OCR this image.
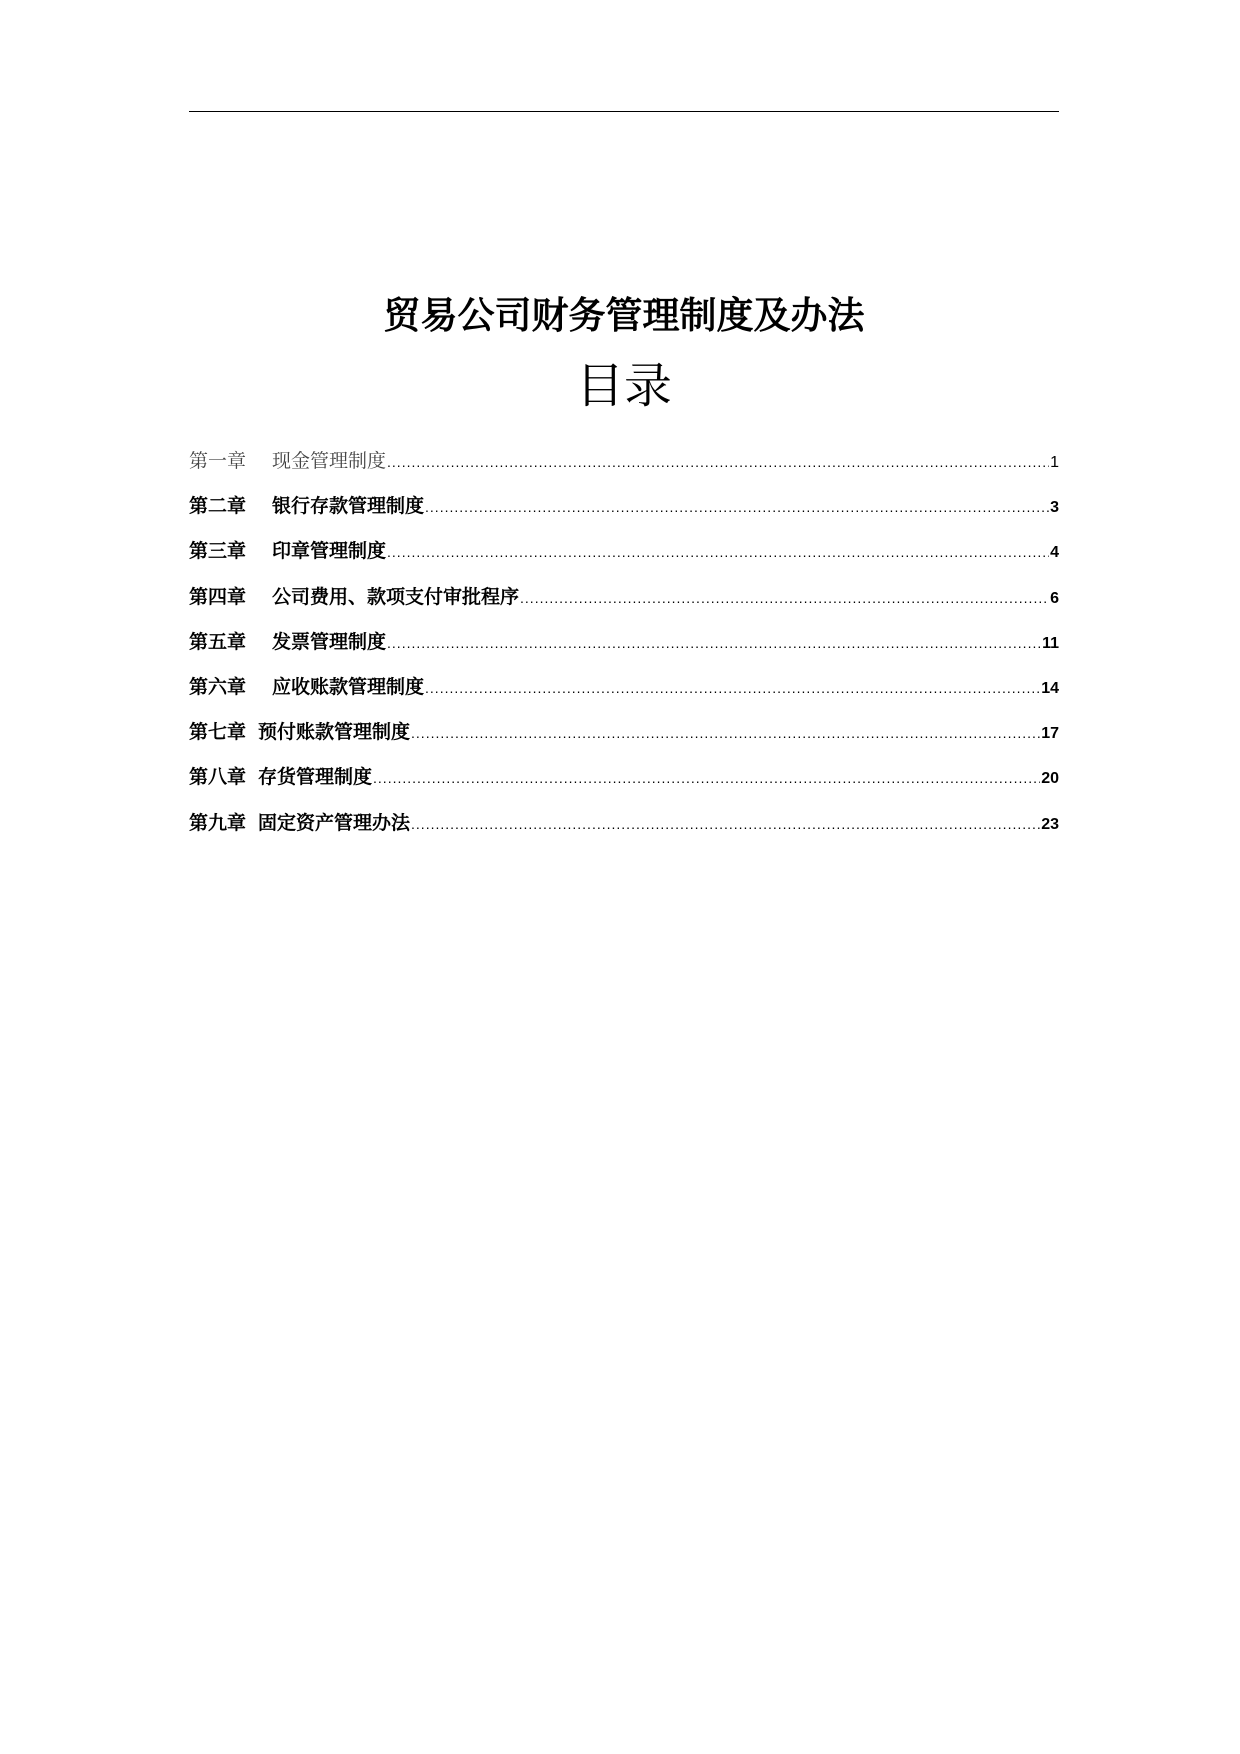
贸易公司财务管理制度及办法
目录
第一章 现金管理制度 .....	1
第二章 银行存款管理制度 .....	3
第三章 印章管理制度 .....	4
第四章 公司费用、款项支付审批程序 .....	6
第五章 发票管理制度 .....	11
第六章 应收账款管理制度 .....	14
第七章 预付账款管理制度 .....	17
第八章 存货管理制度 .....	20
第九章 固定资产管理办法 .....	23
